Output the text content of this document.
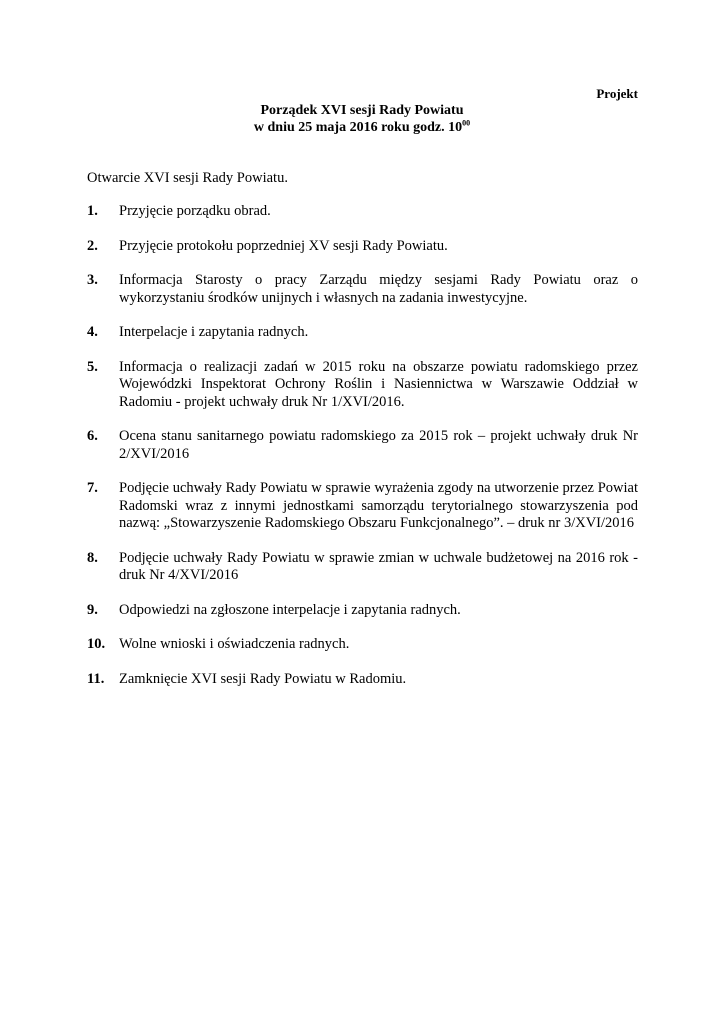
Projekt
Porządek XVI sesji Rady Powiatu
w dniu 25 maja 2016 roku godz. $10^{00}$
Otwarcie XVI sesji Rady Powiatu.
1.	Przyjęcie porządku obrad.
2.	Przyjęcie protokołu poprzedniej XV sesji Rady Powiatu.
3.	Informacja Starosty o pracy Zarządu między sesjami Rady Powiatu oraz o wykorzystaniu środków unijnych i własnych na zadania inwestycyjne.
4.	Interpelacje i zapytania radnych.
5.	Informacja o realizacji zadań w 2015 roku na obszarze powiatu radomskiego przez Wojewódzki Inspektorat Ochrony Roślin i Nasiennictwa w Warszawie Oddział w Radomiu - projekt uchwały druk Nr 1/XVI/2016.
6.	Ocena stanu sanitarnego powiatu radomskiego za 2015 rok – projekt uchwały druk Nr 2/XVI/2016
7.	Podjęcie uchwały Rady Powiatu w sprawie wyrażenia zgody na utworzenie przez Powiat Radomski wraz z innymi jednostkami samorządu terytorialnego stowarzyszenia pod nazwą: „Stowarzyszenie Radomskiego Obszaru Funkcjonalnego”. – druk nr 3/XVI/2016
8.	Podjęcie uchwały Rady Powiatu w sprawie zmian w uchwale budżetowej na 2016 rok - druk Nr 4/XVI/2016
9.	Odpowiedzi na zgłoszone interpelacje i zapytania radnych.
10. Wolne wnioski i oświadczenia radnych.
11.	Zamknięcie XVI sesji Rady Powiatu w Radomiu.
